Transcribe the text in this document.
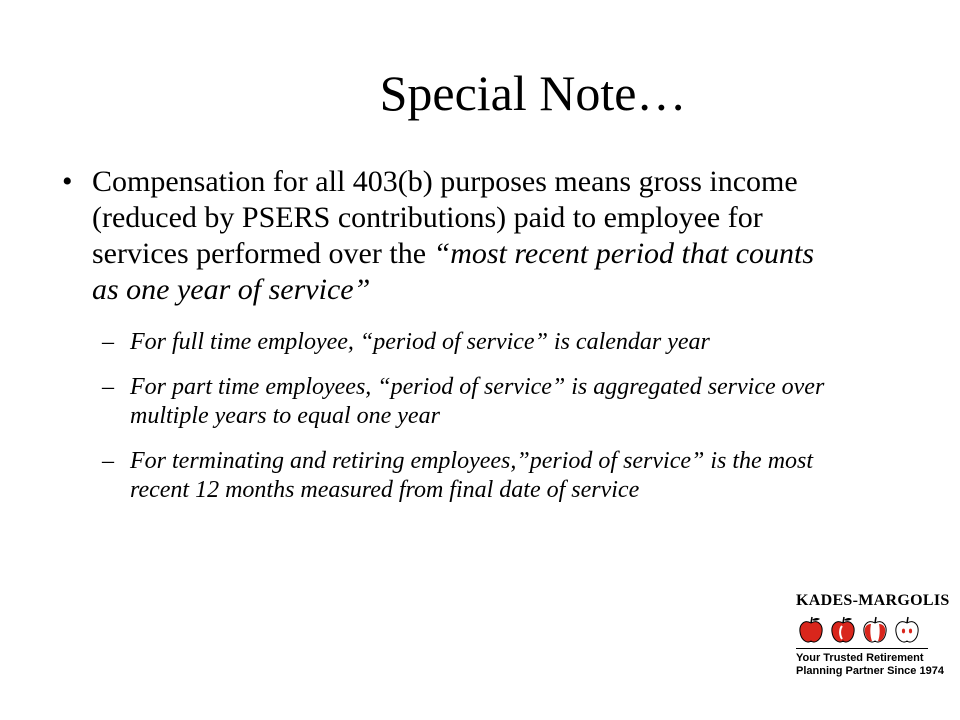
Special Note…
• Compensation for all 403(b) purposes means gross income (reduced by PSERS contributions) paid to employee for services performed over the “most recent period that counts as one year of service”
– For full time employee, “period of service” is calendar year
– For part time employees, “period of service” is aggregated service over multiple years to equal one year
– For terminating and retiring employees,”period of service” is the most recent 12 months measured from final date of service
KADES-MARGOLIS
Your Trusted Retirement
Planning Partner Since 1974
